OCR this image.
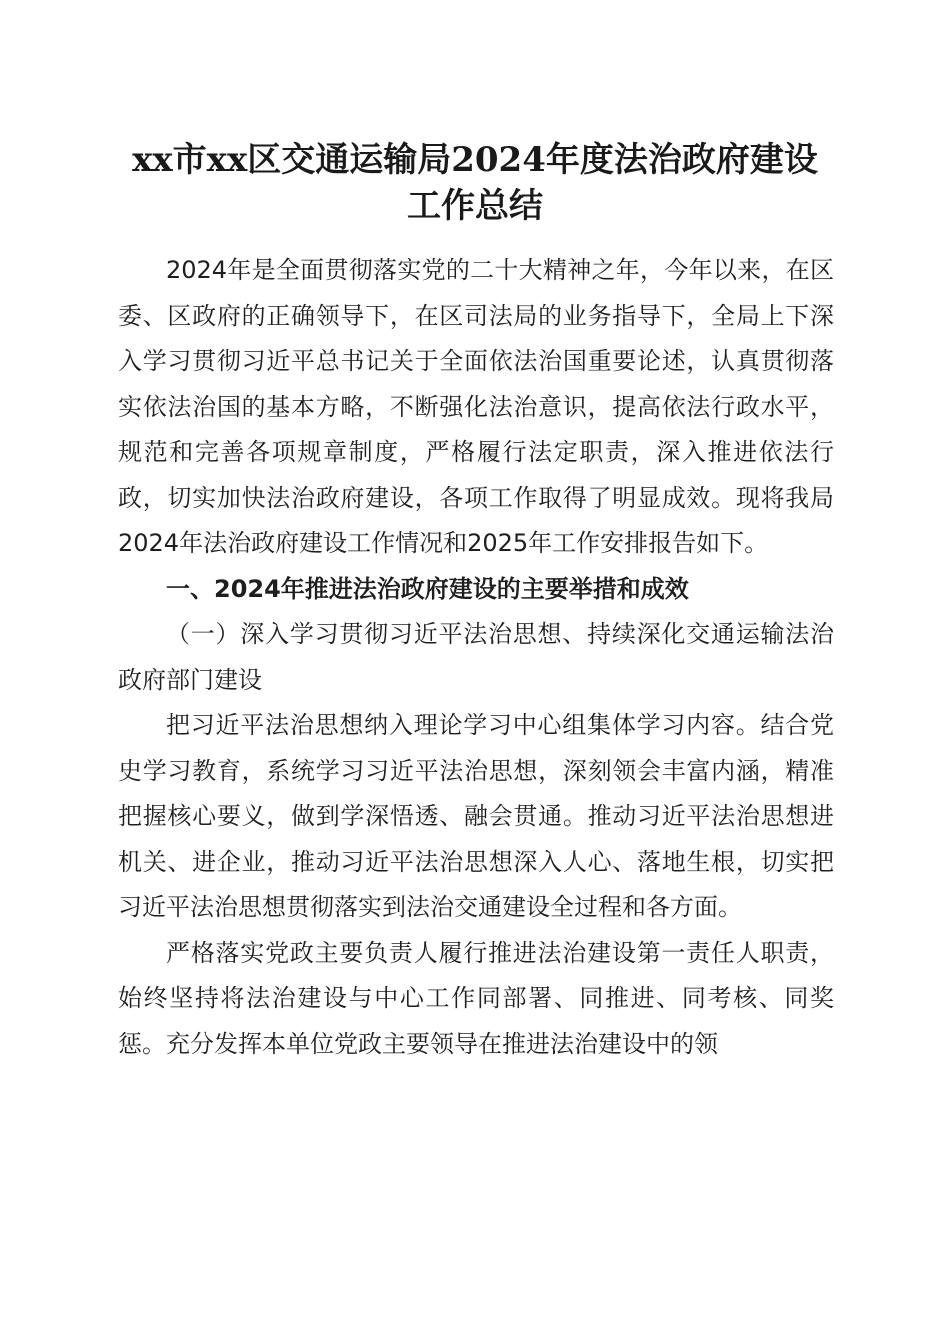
xx市xx区交通运输局2024年度法治政府建设
工作总结

2024年是全面贯彻落实党的二十大精神之年，今年以来，在区委、区政府的正确领导下，在区司法局的业务指导下，全局上下深入学习贯彻习近平总书记关于全面依法治国重要论述，认真贯彻落实依法治国的基本方略，不断强化法治意识，提高依法行政水平，规范和完善各项规章制度，严格履行法定职责，深入推进依法行政，切实加快法治政府建设，各项工作取得了明显成效。现将我局2024年法治政府建设工作情况和2025年工作安排报告如下。

一、2024年推进法治政府建设的主要举措和成效
（一）深入学习贯彻习近平法治思想、持续深化交通运输法治政府部门建设

把习近平法治思想纳入理论学习中心组集体学习内容。结合党史学习教育，系统学习习近平法治思想，深刻领会丰富内涵，精准把握核心要义，做到学深悟透、融会贯通。推动习近平法治思想进机关、进企业，推动习近平法治思想深入人心、落地生根，切实把习近平法治思想贯彻落实到法治交通建设全过程和各方面。

严格落实党政主要负责人履行推进法治建设第一责任人职责，始终坚持将法治建设与中心工作同部署、同推进、同考核、同奖惩。充分发挥本单位党政主要领导在推进法治建设中的领
